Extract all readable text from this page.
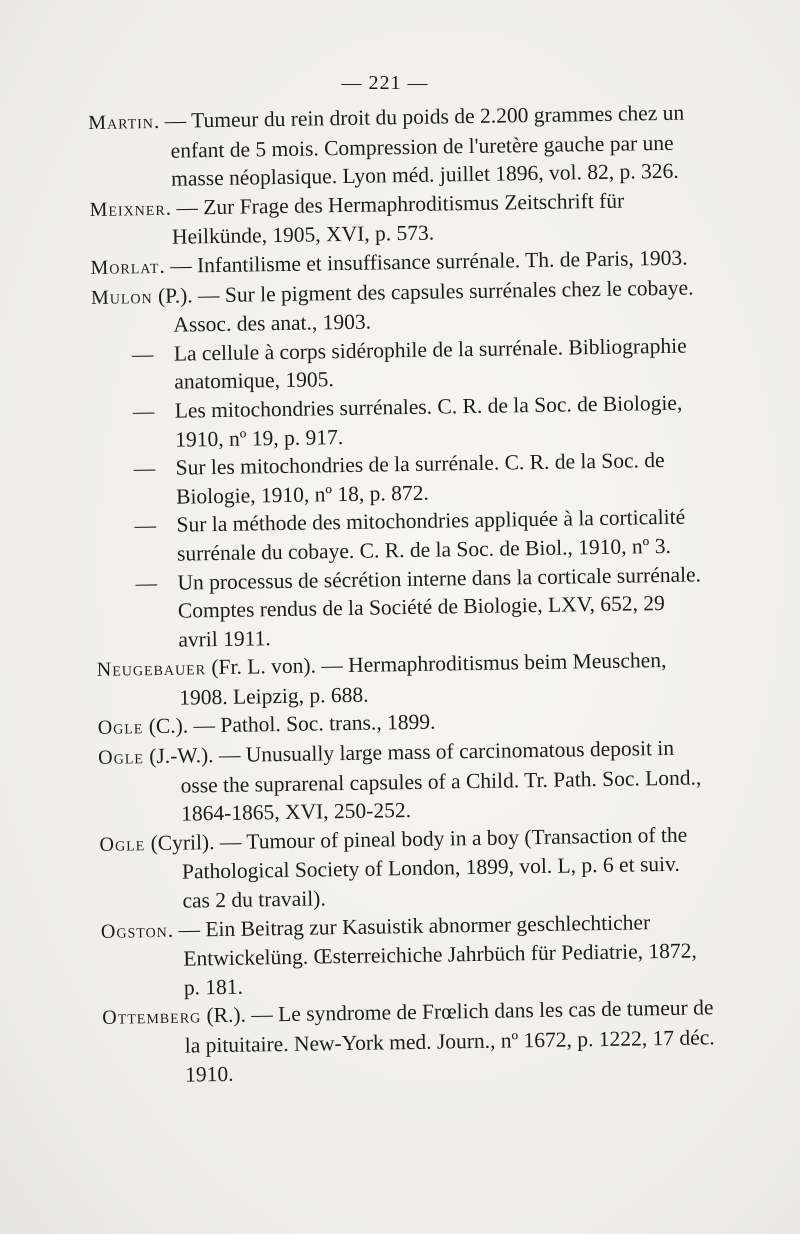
— 221 —

Martin. — Tumeur du rein droit du poids de 2.200 grammes chez un enfant de 5 mois. Compression de l'uretère gauche par une masse néoplasique. Lyon méd. juillet 1896, vol. 82, p. 326.

Meixner. — Zur Frage des Hermaphroditismus Zeitschrift für Heilkünde, 1905, XVI, p. 573.

Morlat. — Infantilisme et insuffisance surrénale. Th. de Paris, 1903.

Mulon (P.). — Sur le pigment des capsules surrénales chez le cobaye. Assoc. des anat., 1903.

— La cellule à corps sidérophile de la surrénale. Bibliographie anatomique, 1905.

— Les mitochondries surrénales. C. R. de la Soc. de Biologie, 1910, nº 19, p. 917.

— Sur les mitochondries de la surrénale. C. R. de la Soc. de Biologie, 1910, nº 18, p. 872.

— Sur la méthode des mitochondries appliquée à la corticalité surrénale du cobaye. C. R. de la Soc. de Biol., 1910, nº 3.

— Un processus de sécrétion interne dans la corticale surrénale. Comptes rendus de la Société de Biologie, LXV, 652, 29 avril 1911.

Neugebauer (Fr. L. von). — Hermaphroditismus beim Meuschen, 1908. Leipzig, p. 688.

Ogle (C.). — Pathol. Soc. trans., 1899.

Ogle (J.-W.). — Unusually large mass of carcinomatous deposit in osse the suprarenal capsules of a Child. Tr. Path. Soc. Lond., 1864-1865, XVI, 250-252.

Ogle (Cyril). — Tumour of pineal body in a boy (Transaction of the Pathological Society of London, 1899, vol. L, p. 6 et suiv. cas 2 du travail).

Ogston. — Ein Beitrag zur Kasuistik abnormer geschlechticher Entwickelüng. Œsterreichiche Jahrbüch für Pediatrie, 1872, p. 181.

Ottemberg (R.). — Le syndrome de Frœlich dans les cas de tumeur de la pituitaire. New-York med. Journ., nº 1672, p. 1222, 17 déc. 1910.
